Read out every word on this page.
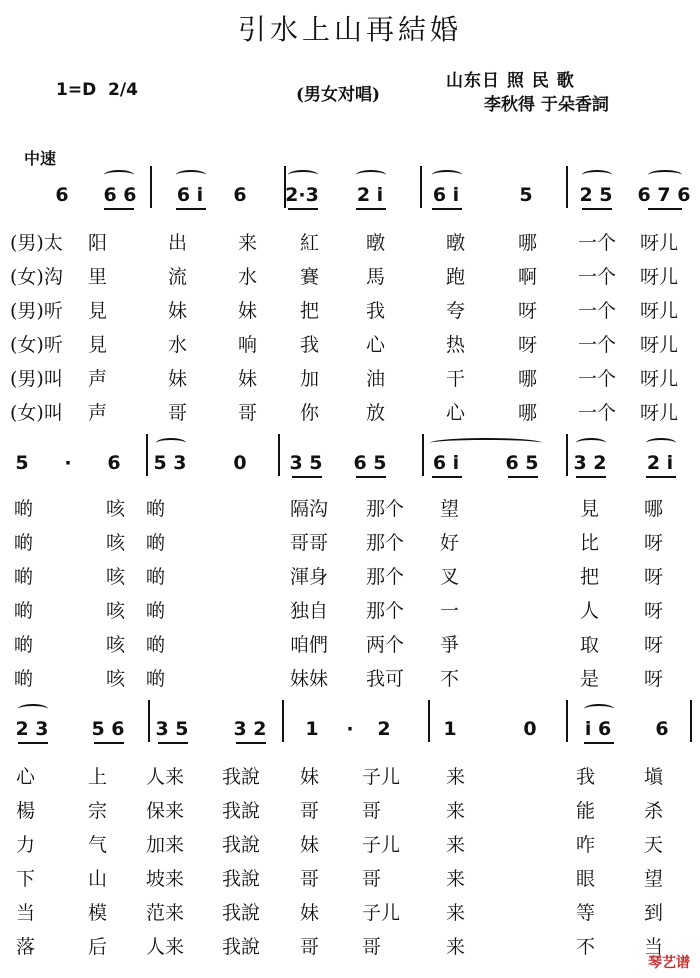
引水上山再結婚
1=D 2/4	(男女对唱)
山东日 照 民 歌
李秋得 于朵香詞
中速
6 6 6 6 i 6 2·3 2 i	6 i	5 2 5 6 7 6
(男)太 阳	出	来 紅 暾	暾	哪 一个 呀儿
(女)沟 里	流	水 賽 馬	跑	啊 一个 呀儿
(男)听 見	妹	妹 把 我	夸	呀 一个 呀儿
(女)听 見	水	响 我 心	热	呀 一个 呀儿
(男)叫 声	妹	妹 加 油	干	哪 一个 呀儿
(女)叫 声	哥	哥 你 放	心	哪 一个 呀儿
5 · 6 5 3 0 3 5 6 5 6 i 6 5 3 2 2 i
啲	咳 啲	隔沟 那个 望	見 哪
啲	咳 啲	哥哥 那个 好	比 呀
啲	咳 啲	渾身 那个 叉	把 呀
啲	咳 啲	独自 那个 一	人 呀
啲	咳 啲	咱們 两个 爭	取 呀
啲	咳 啲	妹妹 我可 不	是 呀
2 3 5 6 3 5 3 2 1 · 2	1	0	i 6 6
心	上 人来 我說 妹 子儿 来	我	塡
楊	宗 保来 我說 哥 哥	来	能	杀
力	气 加来 我說 妹 子儿 来	咋	天
下	山 坡来 我說 哥 哥	来	眼	望
当	模 范来 我說 妹 子儿 来	等	到
落	后 人来 我說 哥 哥	来	不	当
琴艺谱
